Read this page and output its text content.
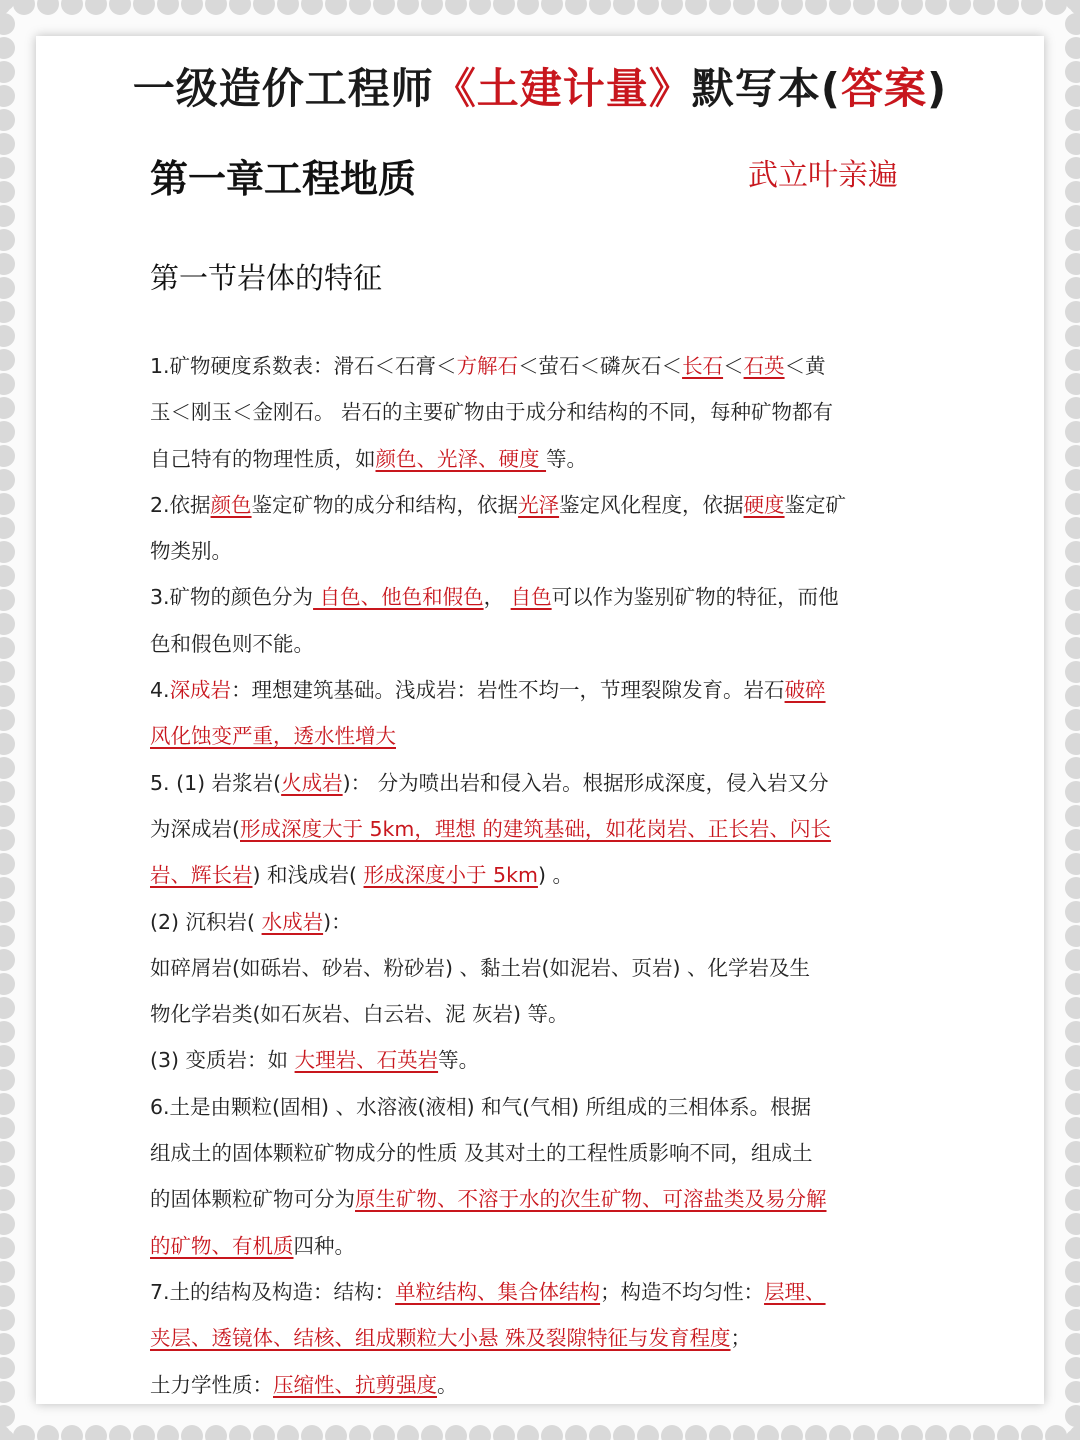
一级造价工程师《土建计量》默写本(答案)
第一章工程地质	武立叶亲遍
第一节岩体的特征
1.矿物硬度系数表：滑石＜石膏＜方解石＜萤石＜磷灰石＜长石＜石英＜黄
玉＜刚玉＜金刚石。 岩石的主要矿物由于成分和结构的不同，每种矿物都有
自己特有的物理性质，如颜色、光泽、硬度 等。
2.依据颜色鉴定矿物的成分和结构，依据光泽鉴定风化程度，依据硬度鉴定矿
物类别。
3.矿物的颜色分为 自色、他色和假色， 自色可以作为鉴别矿物的特征，而他
色和假色则不能。
4.深成岩：理想建筑基础。浅成岩：岩性不均一，节理裂隙发育。岩石破碎
风化蚀变严重，透水性增大
5. (1) 岩浆岩(火成岩)： 分为喷出岩和侵入岩。根据形成深度，侵入岩又分
为深成岩(形成深度大于 5km，理想 的建筑基础，如花岗岩、正长岩、闪长
岩、辉长岩) 和浅成岩( 形成深度小于 5km) 。
(2) 沉积岩( 水成岩)：
如碎屑岩(如砾岩、砂岩、粉砂岩) 、黏土岩(如泥岩、页岩) 、化学岩及生
物化学岩类(如石灰岩、白云岩、泥 灰岩) 等。
(3) 变质岩：如 大理岩、石英岩等。
6.土是由颗粒(固相) 、水溶液(液相) 和气(气相) 所组成的三相体系。根据
组成土的固体颗粒矿物成分的性质 及其对土的工程性质影响不同，组成土
的固体颗粒矿物可分为原生矿物、不溶于水的次生矿物、可溶盐类及易分解
的矿物、有机质四种。
7.土的结构及构造：结构：单粒结构、集合体结构；构造不均匀性：层理、
夹层、透镜体、结核、组成颗粒大小悬 殊及裂隙特征与发育程度；
土力学性质：压缩性、抗剪强度。
